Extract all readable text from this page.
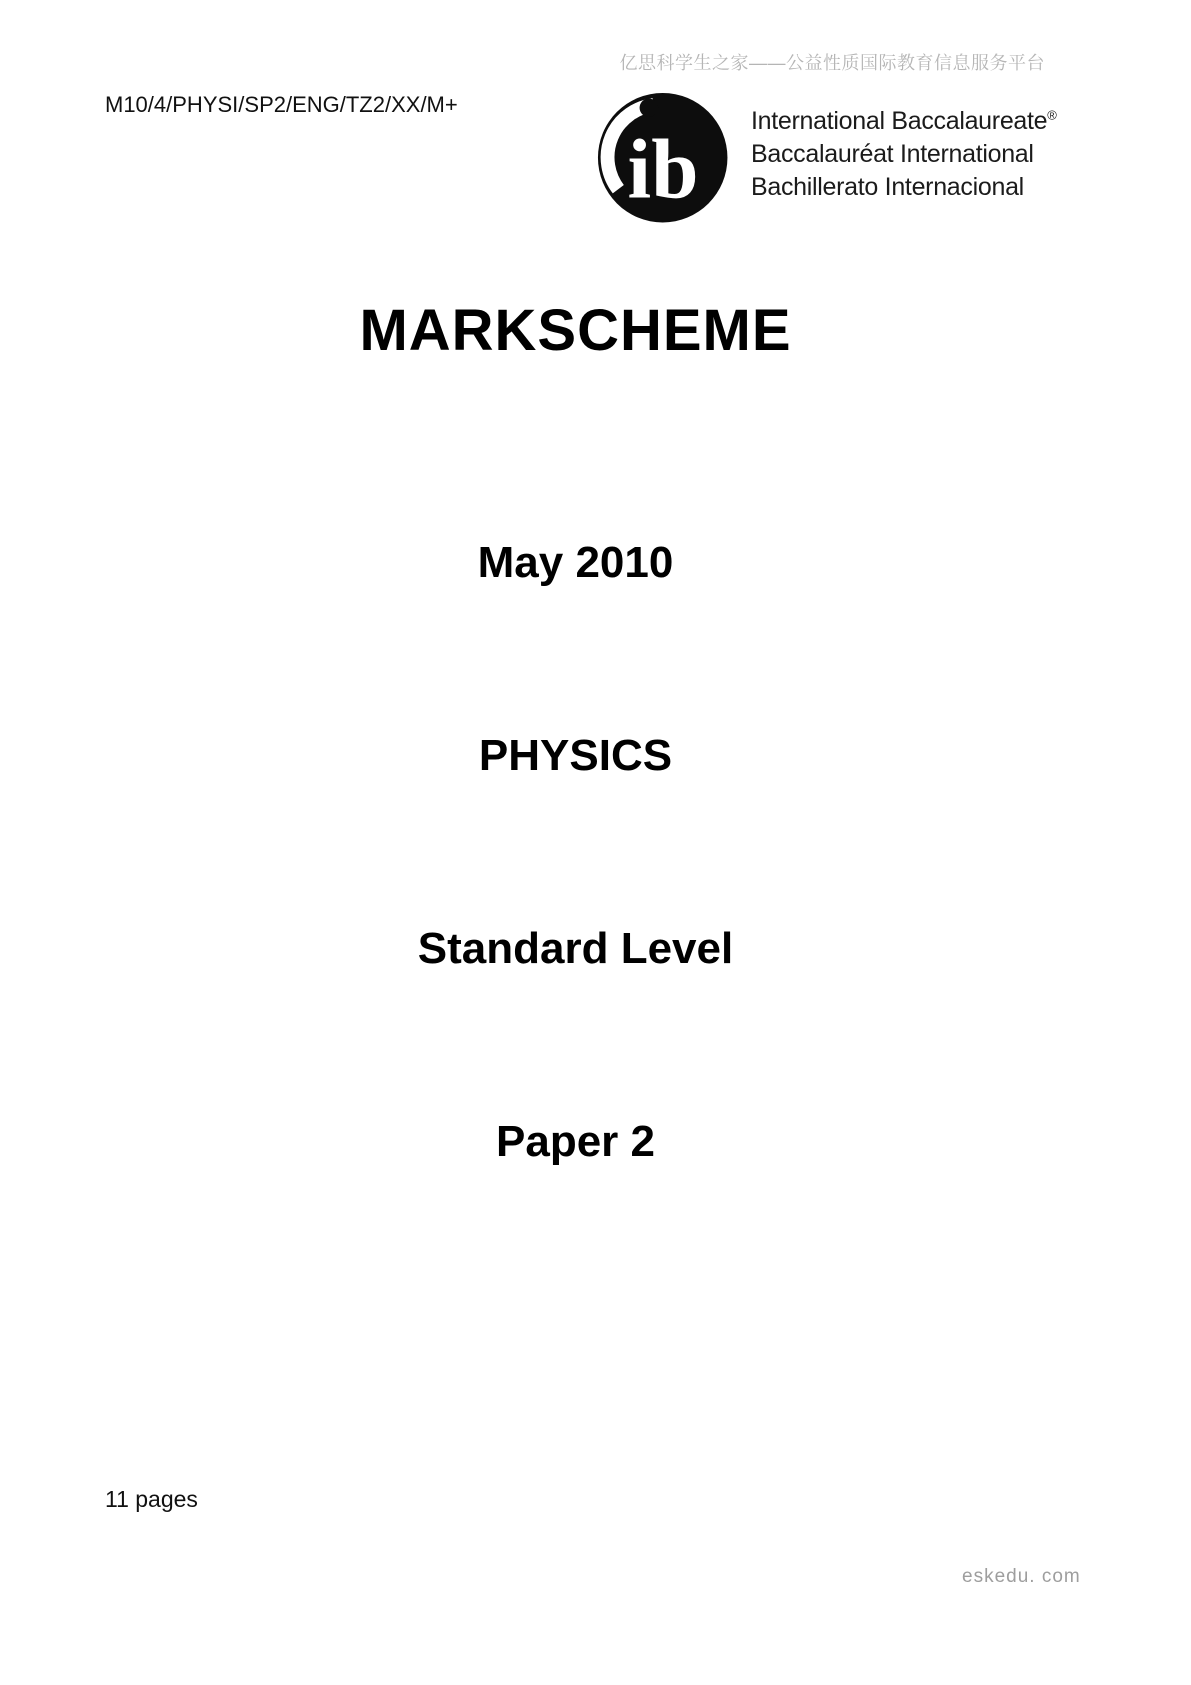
亿思科学生之家——公益性质国际教育信息服务平台
M10/4/PHYSI/SP2/ENG/TZ2/XX/M+
ib
International Baccalaureate®
Baccalauréat International
Bachillerato Internacional
MARKSCHEME
May 2010
PHYSICS
Standard Level
Paper 2
11 pages
eskedu. com
